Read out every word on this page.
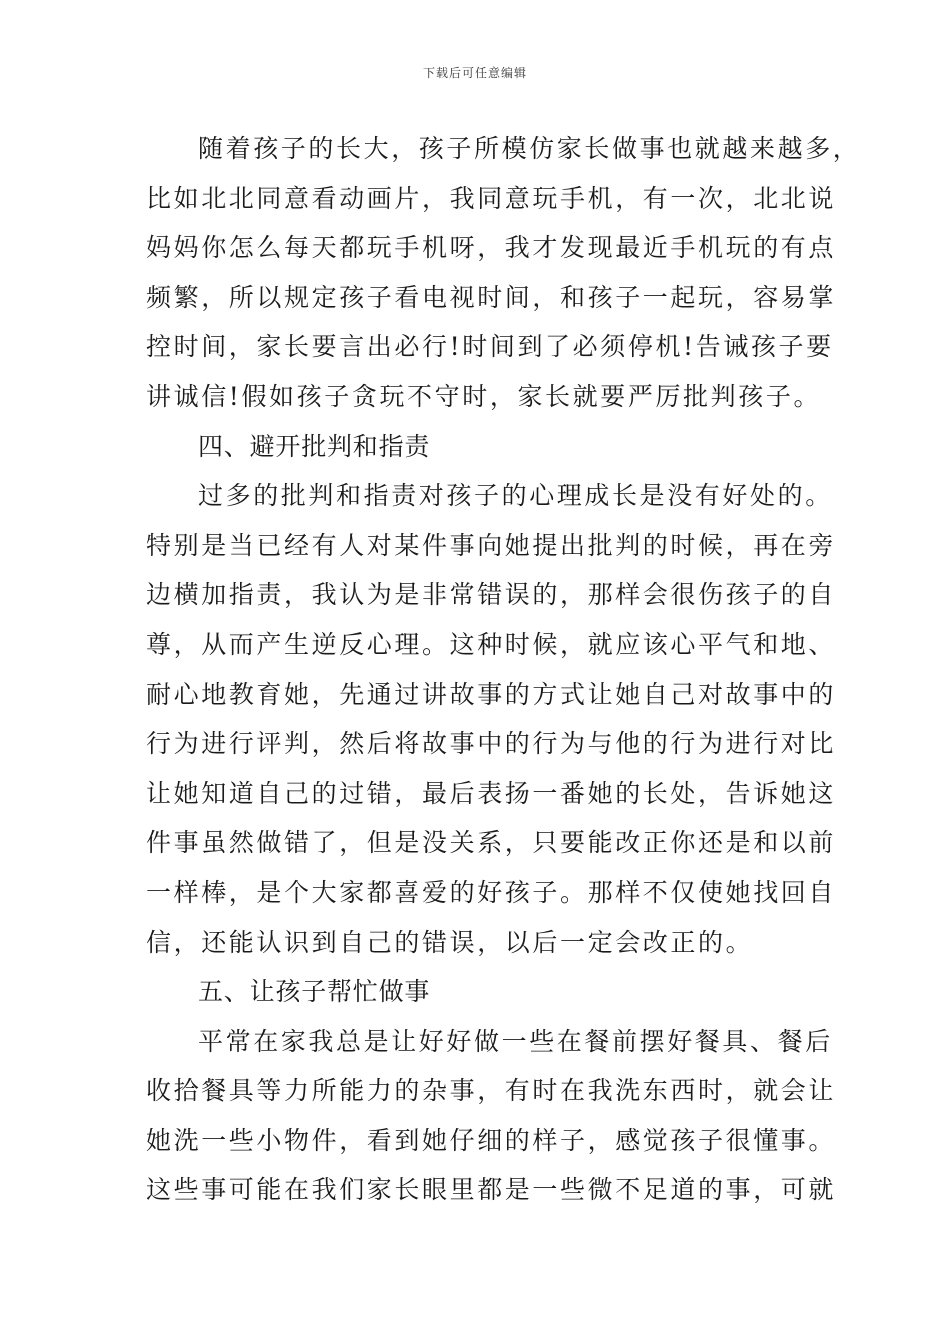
下载后可任意编辑
随着孩子的长大，孩子所模仿家长做事也就越来越多，
比如北北同意看动画片，我同意玩手机，有一次，北北说
妈妈你怎么每天都玩手机呀，我才发现最近手机玩的有点
频繁，所以规定孩子看电视时间，和孩子一起玩，容易掌
控时间，家长要言出必行!时间到了必须停机!告诫孩子要
讲诚信!假如孩子贪玩不守时，家长就要严厉批判孩子。
四、避开批判和指责
过多的批判和指责对孩子的心理成长是没有好处的。
特别是当已经有人对某件事向她提出批判的时候，再在旁
边横加指责，我认为是非常错误的，那样会很伤孩子的自
尊，从而产生逆反心理。这种时候，就应该心平气和地、
耐心地教育她，先通过讲故事的方式让她自己对故事中的
行为进行评判，然后将故事中的行为与他的行为进行对比
让她知道自己的过错，最后表扬一番她的长处，告诉她这
件事虽然做错了，但是没关系，只要能改正你还是和以前
一样棒，是个大家都喜爱的好孩子。那样不仅使她找回自
信，还能认识到自己的错误，以后一定会改正的。
五、让孩子帮忙做事
平常在家我总是让好好做一些在餐前摆好餐具、餐后
收拾餐具等力所能力的杂事，有时在我洗东西时，就会让
她洗一些小物件，看到她仔细的样子，感觉孩子很懂事。
这些事可能在我们家长眼里都是一些微不足道的事，可就
